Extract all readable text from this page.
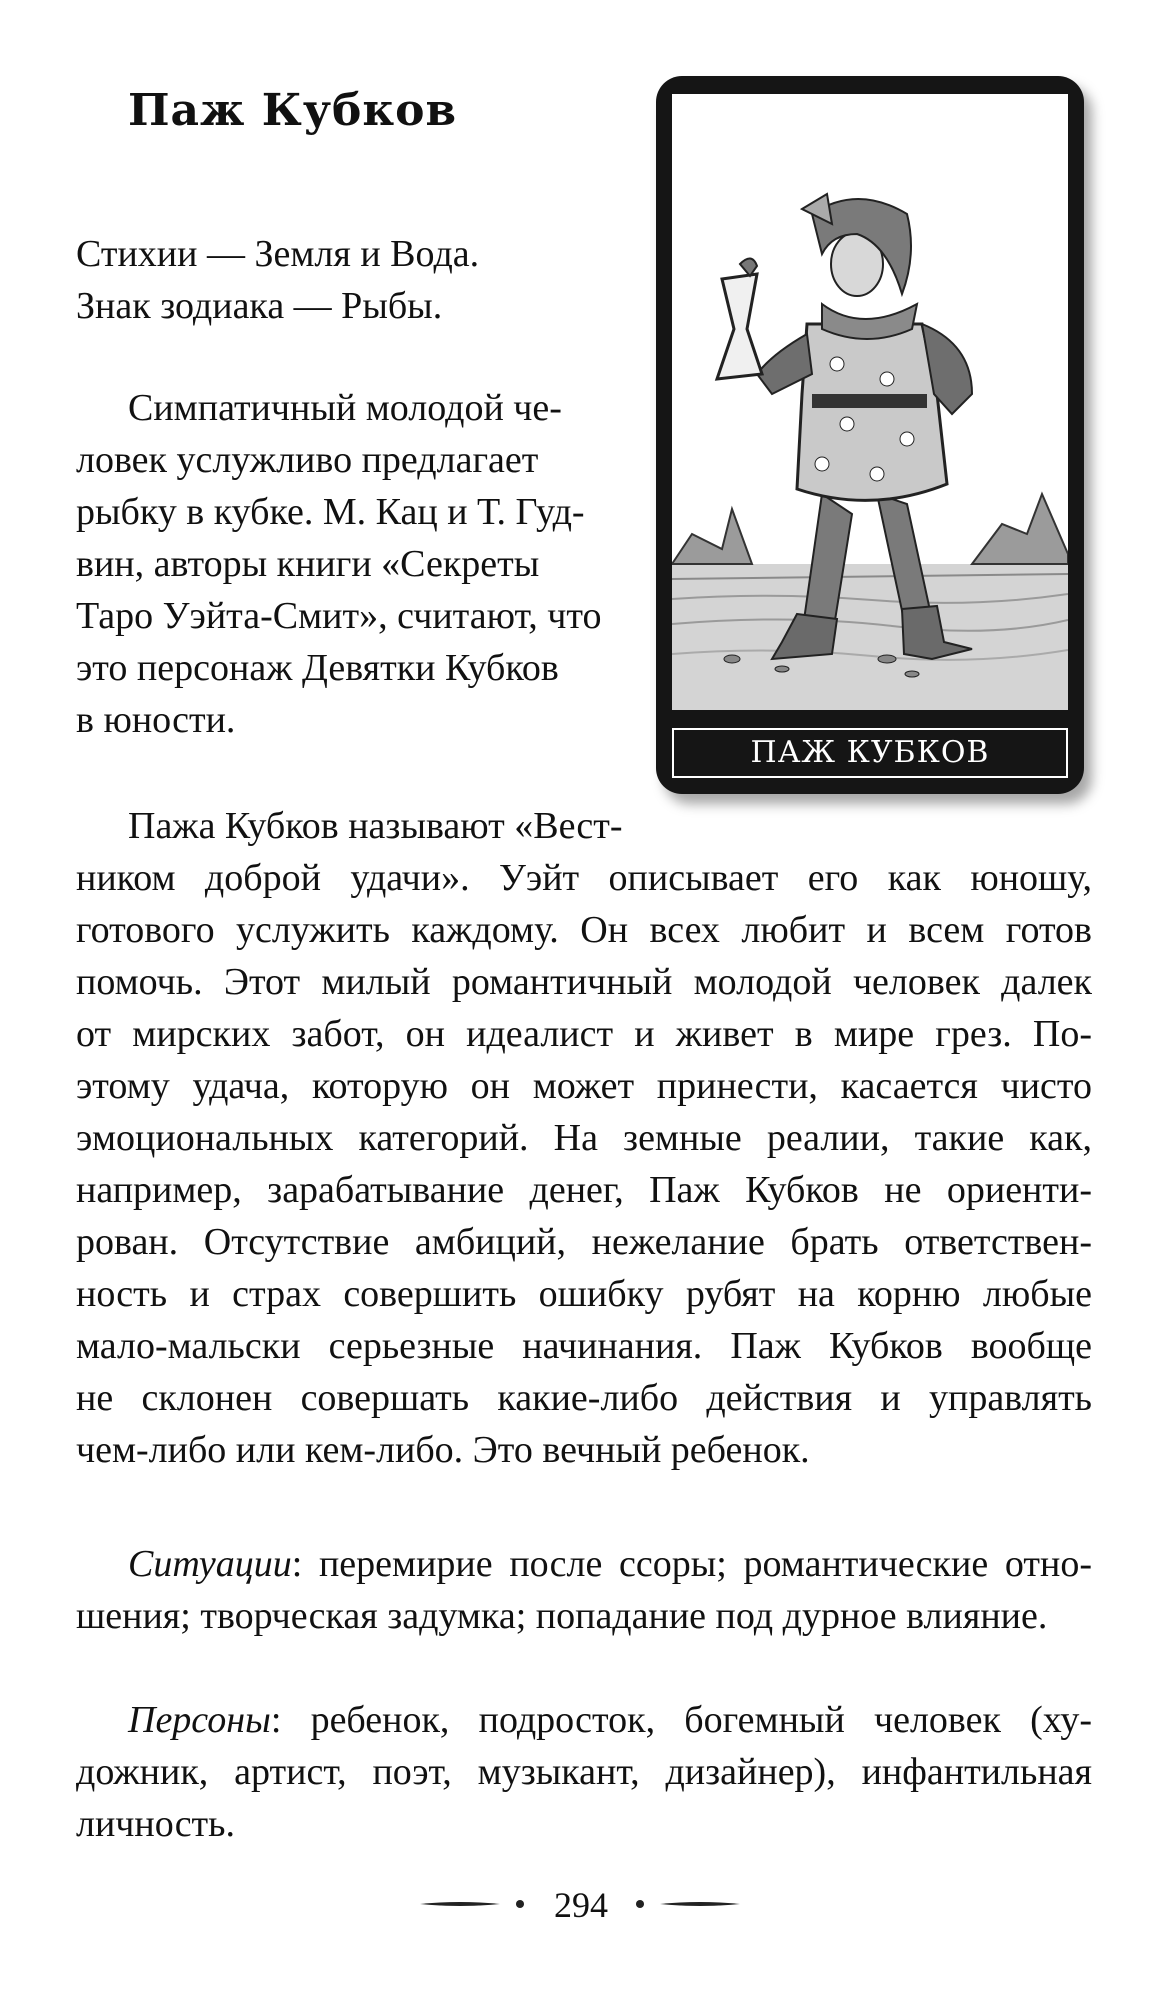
Паж Кубков
Стихии — Земля и Вода.
Знак зодиака — Рыбы.
Симпатичный молодой че-
ловек услужливо предлагает
рыбку в кубке. М. Кац и Т. Гуд-
вин, авторы книги «Секреты
Таро Уэйта-Смит», считают, что
это персонаж Девятки Кубков
в юности.
Пажа Кубков называют «Вест-
ником доброй удачи». Уэйт описывает его как юношу,
готового услужить каждому. Он всех любит и всем готов
помочь. Этот милый романтичный молодой человек далек
от мирских забот, он идеалист и живет в мире грез. По-
этому удача, которую он может принести, касается чисто
эмоциональных категорий. На земные реалии, такие как,
например, зарабатывание денег, Паж Кубков не ориенти-
рован. Отсутствие амбиций, нежелание брать ответствен-
ность и страх совершить ошибку рубят на корню любые
мало-мальски серьезные начинания. Паж Кубков вообще
не склонен совершать какие-либо действия и управлять
чем-либо или кем-либо. Это вечный ребенок.
Ситуации: перемирие после ссоры; романтические отно-
шения; творческая задумка; попадание под дурное влияние.
Персоны: ребенок, подросток, богемный человек (ху-
дожник, артист, поэт, музыкант, дизайнер), инфантильная
личность.
ПАЖ КУБКОВ
294
